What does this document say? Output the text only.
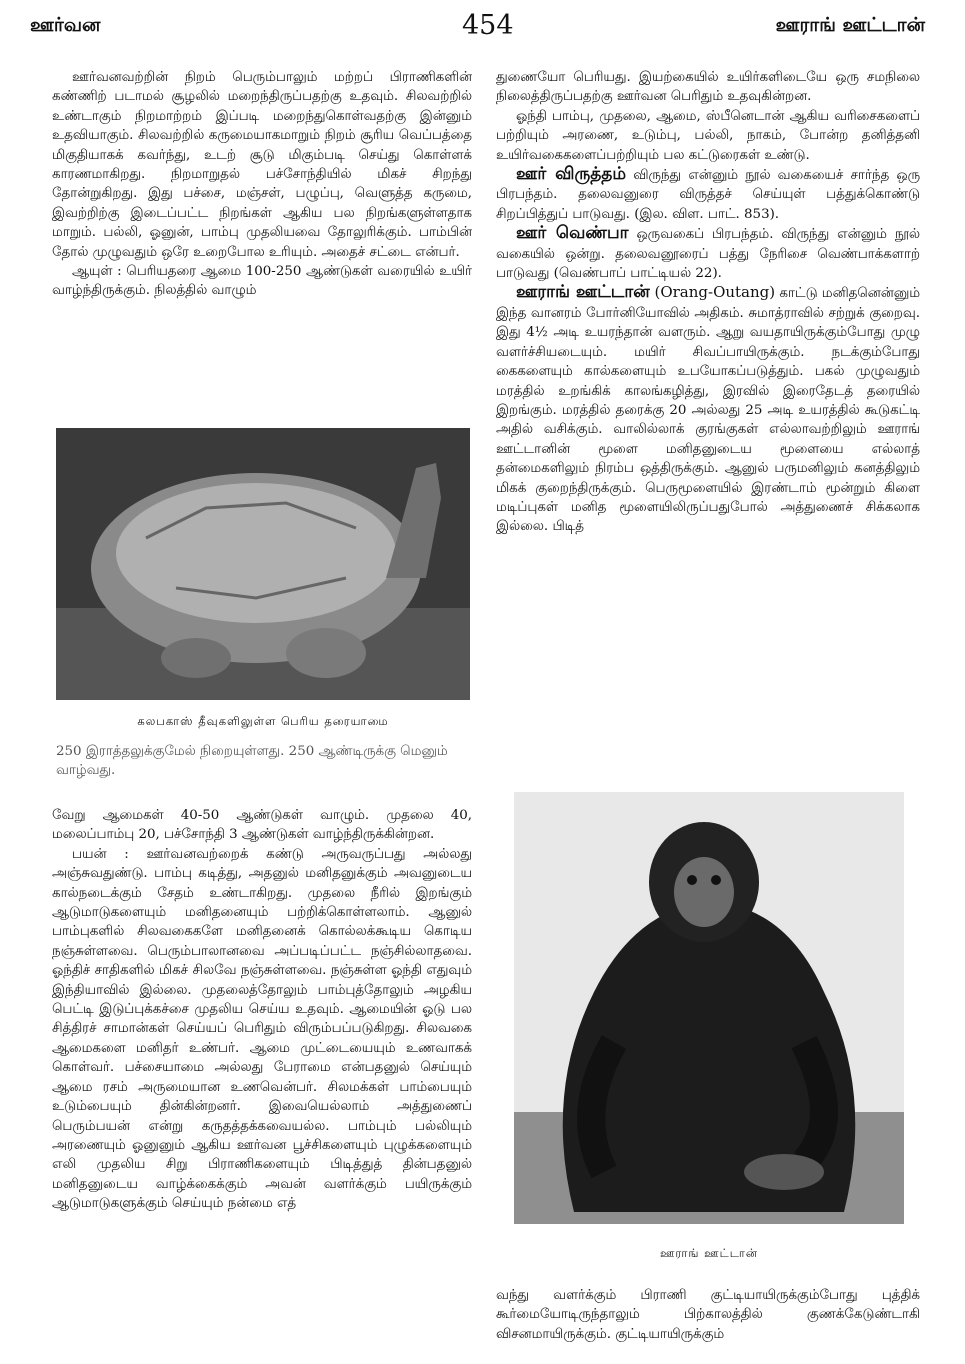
ஊர்வன	454	ஊராங் ஊட்டான்

ஊர்வனவற்றின் நிறம் பெரும்பாலும் மற்றப் பிராணிகளின் கண்ணிற் படாமல் சூழலில் மறைந்திருப்பதற்கு உதவும். சிலவற்றில் உண்டாகும் நிறமாற்றம் இப்படி மறைந்துகொள்வதற்கு இன்னும் உதவியாகும். சிலவற்றில் கருமையாகமாறும் நிறம் சூரிய வெப்பத்தை மிகுதியாகக் கவர்ந்து, உடற் சூடு மிகும்படி செய்து கொள்ளக் காரணமாகிறது. நிறமாறுதல் பச்சோந்தியில் மிகச் சிறந்து தோன்றுகிறது. இது பச்சை, மஞ்சள், பழுப்பு, வெளுத்த கருமை, இவற்றிற்கு இடைப்பட்ட நிறங்கள் ஆகிய பல நிறங்களுள்ளதாக மாறும். பல்லி, ஓனுன், பாம்பு முதலியவை தோலுரிக்கும். பாம்பின் தோல் முழுவதும் ஒரே உறைபோல உரியும். அதைச் சட்டை என்பர்.

ஆயுள் : பெரியதரை ஆமை 100-250 ஆண்டுகள் வரையில் உயிர் வாழ்ந்திருக்கும். நிலத்தில் வாழும்

கலபகாஸ் தீவுகளிலுள்ள பெரிய தரையாமை
250 இராத்தலுக்குமேல் நிறையுள்ளது. 250 ஆண்டிருக்கு மெனும் வாழ்வது.

வேறு ஆமைகள் 40-50 ஆண்டுகள் வாழும். முதலை 40, மலைப்பாம்பு 20, பச்சோந்தி 3 ஆண்டுகள் வாழ்ந்திருக்கின்றன.

பயன் : ஊர்வனவற்றைக் கண்டு அருவருப்பது அல்லது அஞ்சுவதுண்டு. பாம்பு கடித்து, அதனுல் மனிதனுக்கும் அவனுடைய கால்நடைக்கும் சேதம் உண்டாகிறது. முதலை நீரில் இறங்கும் ஆடுமாடுகளையும் மனிதனையும் பற்றிக்கொள்ளலாம். ஆனுல் பாம்புகளில் சிலவகைகளே மனிதனைக் கொல்லக்கூடிய கொடிய நஞ்சுள்ளவை. பெரும்பாலானவை அப்படிப்பட்ட நஞ்சில்லாதவை. ஓந்திச் சாதிகளில் மிகச் சிலவே நஞ்சுள்ளவை. நஞ்சுள்ள ஓந்தி எதுவும் இந்தியாவில் இல்லை. முதலைத்தோலும் பாம்புத்தோலும் அழகிய பெட்டி இடுப்புக்கச்சை முதலிய செய்ய உதவும். ஆமையின் ஓடு பல சித்திரச் சாமான்கள் செய்யப் பெரிதும் விரும்பப்படுகிறது. சிலவகை ஆமைகளை மனிதர் உண்பர். ஆமை முட்டையையும் உணவாகக் கொள்வர். பச்சையாமை அல்லது பேராமை என்பதனுல் செய்யும் ஆமை ரசம் அருமையான உணவென்பர். சிலமக்கள் பாம்பையும் உடும்பையும் தின்கின்றனர். இவையெல்லாம் அத்துணைப் பெரும்பயன் என்று கருதத்தக்கவையல்ல. பாம்பும் பல்லியும் அரணையும் ஓனுனும் ஆகிய ஊர்வன பூச்சிகளையும் புழுக்களையும் எலி முதலிய சிறு பிராணிகளையும் பிடித்துத் தின்பதனுல் மனிதனுடைய வாழ்க்கைக்கும் அவன் வளர்க்கும் பயிருக்கும் ஆடுமாடுகளுக்கும் செய்யும் நன்மை எத்

துணையோ பெரியது. இயற்கையில் உயிர்களிடையே ஒரு சமநிலை நிலைத்திருப்பதற்கு ஊர்வன பெரிதும் உதவுகின்றன.

ஓந்தி பாம்பு, முதலை, ஆமை, ஸ்பீனெடான் ஆகிய வரிசைகளைப் பற்றியும் அரணை, உடும்பு, பல்லி, நாகம், போன்ற தனித்தனி உயிர்வகைகளைப்பற்றியும் பல கட்டுரைகள் உண்டு.

ஊர் விருத்தம் விருந்து என்னும் நூல் வகையைச் சார்ந்த ஒரு பிரபந்தம். தலைவனுரை விருத்தச் செய்யுள் பத்துக்கொண்டு சிறப்பித்துப் பாடுவது. (இல. விள. பாட். 853).

ஊர் வெண்பா ஒருவகைப் பிரபந்தம். விருந்து என்னும் நூல் வகையில் ஒன்று. தலைவனூரைப் பத்து நேரிசை வெண்பாக்களாற் பாடுவது (வெண்பாப் பாட்டியல் 22).

ஊராங் ஊட்டான் (Orang-Outang) காட்டு மனிதனென்னும் இந்த வானரம் போர்னியோவில் அதிகம். சுமாத்ராவில் சற்றுக் குறைவு. இது 4½ அடி உயரந்தான் வளரும். ஆறு வயதாயிருக்கும்போது முழு வளர்ச்சியடையும். மயிர் சிவப்பாயிருக்கும். நடக்கும்போது கைகளையும் கால்களையும் உபயோகப்படுத்தும். பகல் முழுவதும் மரத்தில் உறங்கிக் காலங்கழித்து, இரவில் இரைதேடத் தரையில் இறங்கும். மரத்தில் தரைக்கு 20 அல்லது 25 அடி உயரத்தில் கூடுகட்டி அதில் வசிக்கும். வாலில்லாக் குரங்குகள் எல்லாவற்றிலும் ஊராங் ஊட்டானின் மூளை மனிதனுடைய மூளையை எல்லாத் தன்மைகளிலும் நிரம்ப ஒத்திருக்கும். ஆனுல் பருமனிலும் கனத்திலும் மிகக் குறைந்திருக்கும். பெருமூளையில் இரண்டாம் மூன்றும் கிளை மடிப்புகள் மனித மூளையிலிருப்பதுபோல் அத்துணைச் சிக்கலாக இல்லை. பிடித்

ஊராங் ஊட்டான்

வந்து வளர்க்கும் பிராணி குட்டியாயிருக்கும்போது புத்திக் கூர்மையோடிருந்தாலும் பிற்காலத்தில் குணக்கேடுண்டாகி விசனமாயிருக்கும். குட்டியாயிருக்கும்
